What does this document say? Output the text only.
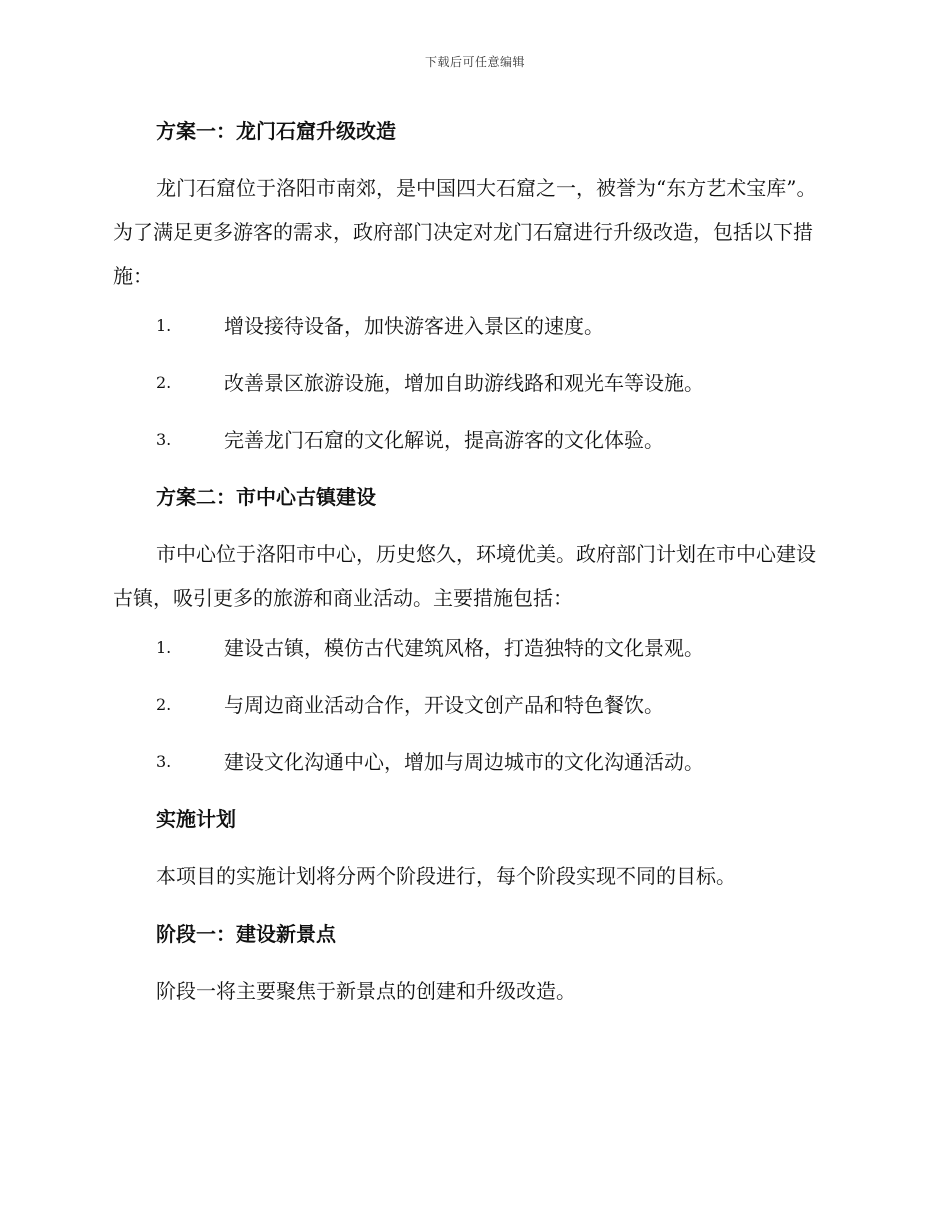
下载后可任意编辑
方案一：龙门石窟升级改造

龙门石窟位于洛阳市南郊，是中国四大石窟之一，被誉为“东方艺术宝库”。为了满足更多游客的需求，政府部门决定对龙门石窟进行升级改造，包括以下措施：

1.	增设接待设备，加快游客进入景区的速度。
2.	改善景区旅游设施，增加自助游线路和观光车等设施。
3.	完善龙门石窟的文化解说，提高游客的文化体验。
方案二：市中心古镇建设

市中心位于洛阳市中心，历史悠久，环境优美。政府部门计划在市中心建设古镇，吸引更多的旅游和商业活动。主要措施包括：

1.	建设古镇，模仿古代建筑风格，打造独特的文化景观。
2.	与周边商业活动合作，开设文创产品和特色餐饮。
3.	建设文化沟通中心，增加与周边城市的文化沟通活动。
实施计划

本项目的实施计划将分两个阶段进行，每个阶段实现不同的目标。

阶段一：建设新景点

阶段一将主要聚焦于新景点的创建和升级改造。
